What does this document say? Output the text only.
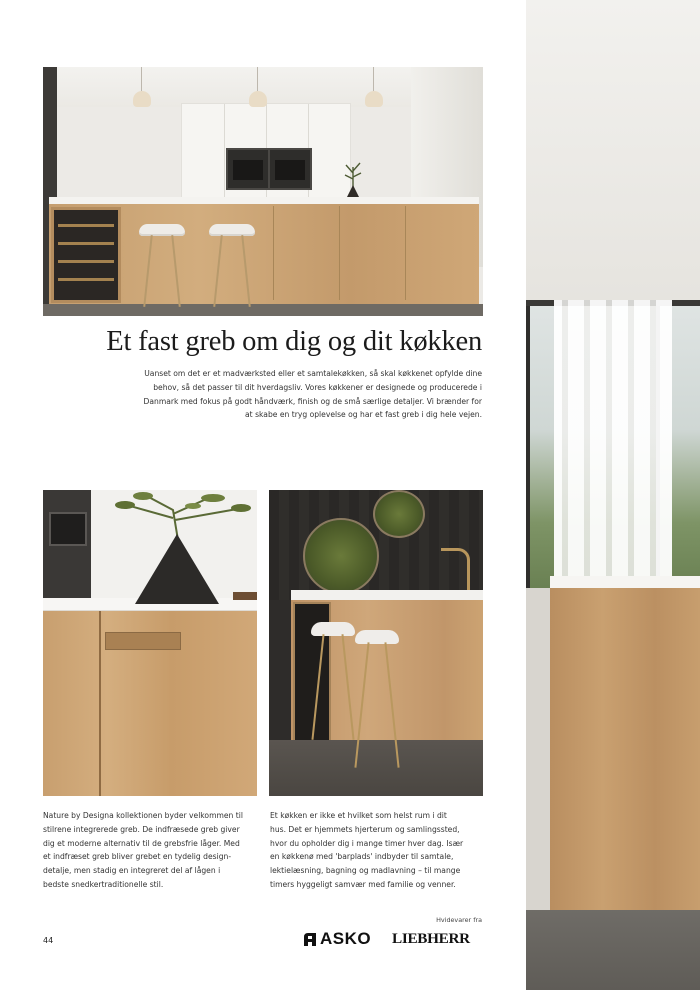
Et fast greb om dig og dit køkken
Uanset om det er et madværksted eller et samtalekøkken, så skal køkkenet opfylde dine
behov, så det passer til dit hverdagsliv. Vores køkkener er designede og producerede i
Danmark med fokus på godt håndværk, finish og de små særlige detaljer. Vi brænder for
at skabe en tryg oplevelse og har et fast greb i dig hele vejen.
Nature by Designa kollektionen byder velkommen til
stilrene integrerede greb. De indfræsede greb giver
dig et moderne alternativ til de grebsfrie låger. Med
et indfræset greb bliver grebet en tydelig design-
detalje, men stadig en integreret del af lågen i
bedste snedkertraditionelle stil.
Et køkken er ikke et hvilket som helst rum i dit
hus. Det er hjemmets hjerterum og samlingssted,
hvor du opholder dig i mange timer hver dag. Især
en køkkenø med 'barplads' indbyder til samtale,
lektielæsning, bagning og madlavning – til mange
timers hyggeligt samvær med familie og venner.
44
Hvidevarer fra
ASKO LIEBHERR
